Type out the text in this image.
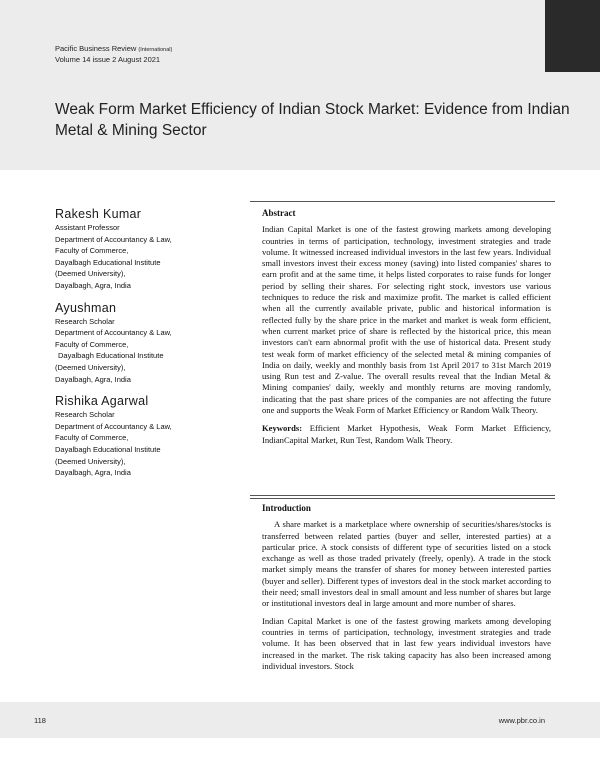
Pacific Business Review (International)
Volume 14 issue 2 August 2021
Weak Form Market Efficiency of Indian Stock Market: Evidence from Indian Metal & Mining Sector
Rakesh Kumar
Assistant Professor
Department of Accountancy & Law,
Faculty of Commerce,
Dayalbagh Educational Institute
(Deemed University),
Dayalbagh, Agra, India
Ayushman
Research Scholar
Department of Accountancy & Law,
Faculty of Commerce,
Dayalbagh Educational Institute
(Deemed University),
Dayalbagh, Agra, India
Rishika Agarwal
Research Scholar
Department of Accountancy & Law,
Faculty of Commerce,
Dayalbagh Educational Institute
(Deemed University),
Dayalbagh, Agra, India
Abstract

Indian Capital Market is one of the fastest growing markets among developing countries in terms of participation, technology, investment strategies and trade volume. It witnessed increased individual investors in the last few years. Individual small investors invest their excess money (saving) into listed companies' shares to earn profit and at the same time, it helps listed corporates to raise funds for longer period by selling their shares. For selecting right stock, investors use various techniques to reduce the risk and maximize profit. The market is called efficient when all the currently available private, public and historical information is reflected fully by the share price in the market and market is weak form efficient, when current market price of share is reflected by the historical price, this mean investors can't earn abnormal profit with the use of historical data. Present study test weak form of market efficiency of the selected metal & mining companies of India on daily, weekly and monthly basis from 1st April 2017 to 31st March 2019 using Run test and Z-value. The overall results reveal that the Indian Metal & Mining companies' daily, weekly and monthly returns are moving randomly, indicating that the past share prices of the companies are not affecting the future one and supports the Weak Form of Market Efficiency or Random Walk Theory.

Keywords: Efficient Market Hypothesis, Weak Form Market Efficiency, IndianCapital Market, Run Test, Random Walk Theory.
Introduction

A share market is a marketplace where ownership of securities/shares/stocks is transferred between related parties (buyer and seller, interested parties) at a particular price. A stock consists of different type of securities listed on a stock exchange as well as those traded privately (freely, openly). A trade in the stock market simply means the transfer of shares for money between interested parties (buyer and seller). Different types of investors deal in the stock market according to their need; small investors deal in small amount and less number of shares but large or institutional investors deal in large amount and more number of shares.

Indian Capital Market is one of the fastest growing markets among developing countries in terms of participation, technology, investment strategies and trade volume. It has been observed that in last few years individual investors have increased in the market. The risk taking capacity has also been increased among individual investors. Stock

118	www.pbr.co.in
